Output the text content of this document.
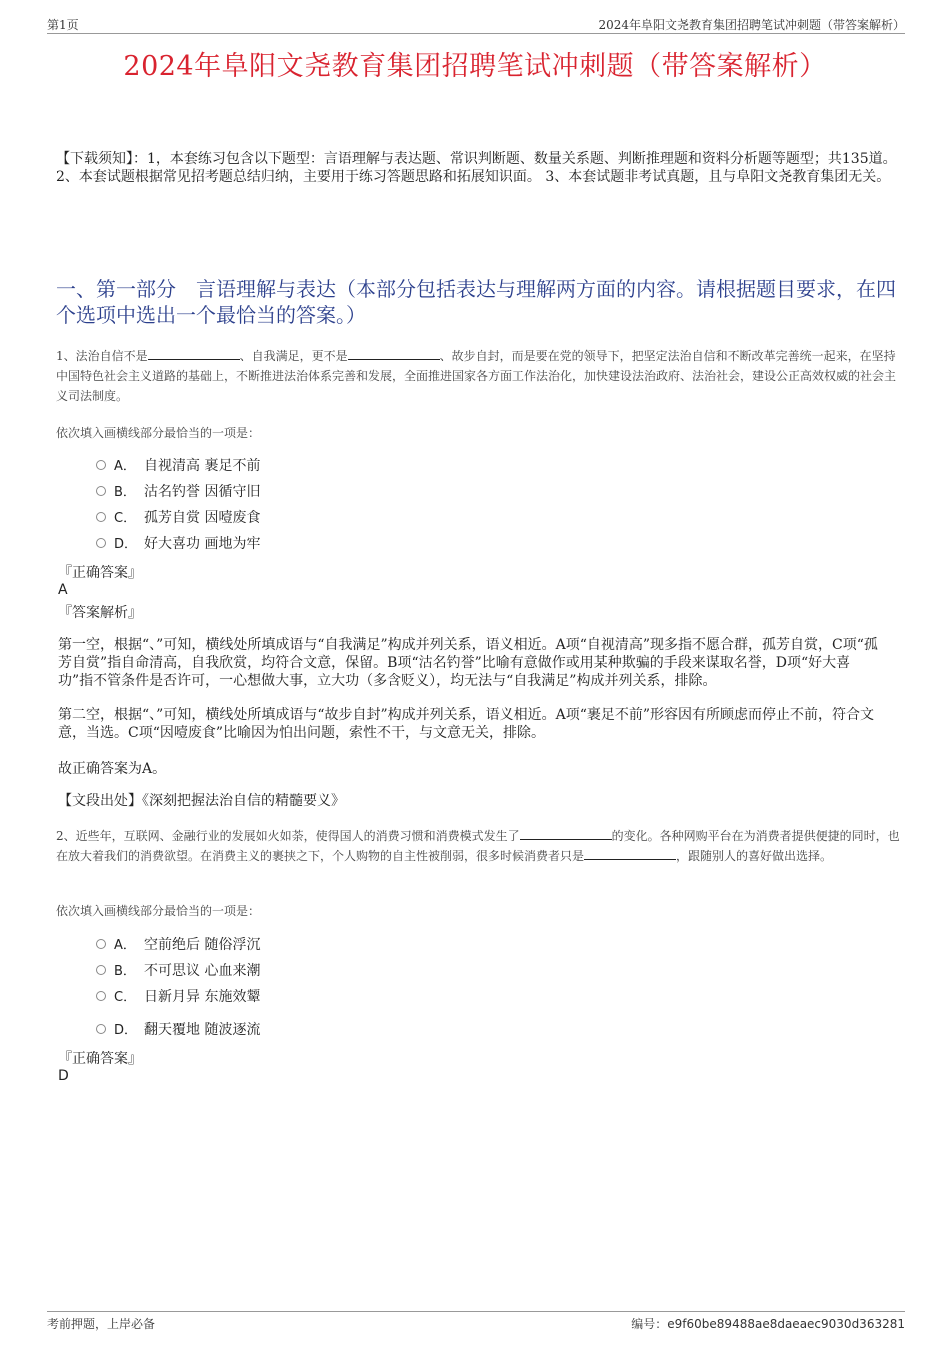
第1页	2024年阜阳文尧教育集团招聘笔试冲刺题（带答案解析）
2024年阜阳文尧教育集团招聘笔试冲刺题（带答案解析）
【下载须知】：1，本套练习包含以下题型：言语理解与表达题、常识判断题、数量关系题、判断推理题和资料分析题等题型；共135道。 2、本套试题根据常见招考题总结归纳，主要用于练习答题思路和拓展知识面。 3、本套试题非考试真题，且与阜阳文尧教育集团无关。
一、第一部分　言语理解与表达（本部分包括表达与理解两方面的内容。请根据题目要求，在四个选项中选出一个最恰当的答案。）
1、法治自信不是	、自我满足，更不是	、故步自封，而是要在党的领导下，把坚定法治自信和不断改革完善统一起来，在坚持中国特色社会主义道路的基础上，不断推进法治体系完善和发展，全面推进国家各方面工作法治化，加快建设法治政府、法治社会，建设公正高效权威的社会主义司法制度。
依次填入画横线部分最恰当的一项是：
A． 自视清高 裹足不前
B． 沽名钓誉 因循守旧
C． 孤芳自赏 因噎废食
D． 好大喜功 画地为牢
『正确答案』
A
『答案解析』
第一空，根据“、”可知，横线处所填成语与“自我满足”构成并列关系，语义相近。A项“自视清高”现多指不愿合群，孤芳自赏，C项“孤芳自赏”指自命清高，自我欣赏，均符合文意，保留。B项“沽名钓誉”比喻有意做作或用某种欺骗的手段来谋取名誉，D项“好大喜功”指不管条件是否许可，一心想做大事，立大功（多含贬义），均无法与“自我满足”构成并列关系，排除。
第二空，根据“、”可知，横线处所填成语与“故步自封”构成并列关系，语义相近。A项“裹足不前”形容因有所顾虑而停止不前，符合文意，当选。C项“因噎废食”比喻因为怕出问题，索性不干，与文意无关，排除。
故正确答案为A。
【文段出处】《深刻把握法治自信的精髓要义》
2、近些年，互联网、金融行业的发展如火如荼，使得国人的消费习惯和消费模式发生了	的变化。各种网购平台在为消费者提供便捷的同时，也在放大着我们的消费欲望。在消费主义的裹挟之下，个人购物的自主性被削弱，很多时候消费者只是	，跟随别人的喜好做出选择。
依次填入画横线部分最恰当的一项是：
A． 空前绝后 随俗浮沉
B． 不可思议 心血来潮
C． 日新月异 东施效颦
D． 翻天覆地 随波逐流
『正确答案』
D
考前押题，上岸必备	编号：e9f60be89488ae8daeaec9030d363281
